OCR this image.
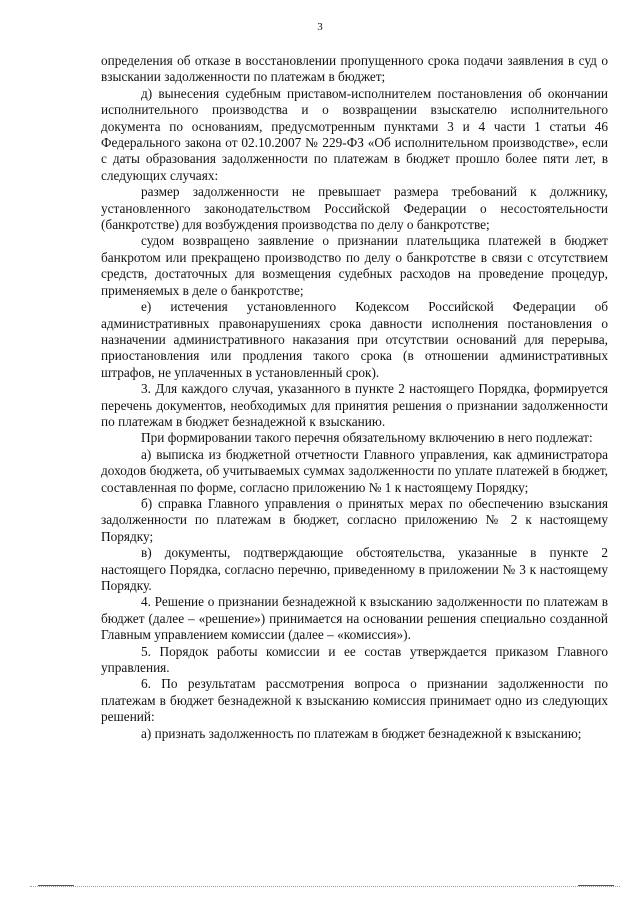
3

определения об отказе в восстановлении пропущенного срока подачи заявления в суд о взыскании задолженности по платежам в бюджет;

д) вынесения судебным приставом-исполнителем постановления об окончании исполнительного производства и о возвращении взыскателю исполнительного документа по основаниям, предусмотренным пунктами 3 и 4 части 1 статьи 46 Федерального закона от 02.10.2007 № 229-ФЗ «Об исполнительном производстве», если с даты образования задолженности по платежам в бюджет прошло более пяти лет, в следующих случаях:

размер задолженности не превышает размера требований к должнику, установленного законодательством Российской Федерации о несостоятельности (банкротстве) для возбуждения производства по делу о банкротстве;

судом возвращено заявление о признании плательщика платежей в бюджет банкротом или прекращено производство по делу о банкротстве в связи с отсутствием средств, достаточных для возмещения судебных расходов на проведение процедур, применяемых в деле о банкротстве;

е) истечения установленного Кодексом Российской Федерации об административных правонарушениях срока давности исполнения постановления о назначении административного наказания при отсутствии оснований для перерыва, приостановления или продления такого срока (в отношении административных штрафов, не уплаченных в установленный срок).

3. Для каждого случая, указанного в пункте 2 настоящего Порядка, формируется перечень документов, необходимых для принятия решения о признании задолженности по платежам в бюджет безнадежной к взысканию.

При формировании такого перечня обязательному включению в него подлежат:

а) выписка из бюджетной отчетности Главного управления, как администратора доходов бюджета, об учитываемых суммах задолженности по уплате платежей в бюджет, составленная по форме, согласно приложению № 1 к настоящему Порядку;

б) справка Главного управления о принятых мерах по обеспечению взыскания задолженности по платежам в бюджет, согласно приложению № 2 к настоящему Порядку;

в) документы, подтверждающие обстоятельства, указанные в пункте 2 настоящего Порядка, согласно перечню, приведенному в приложении № 3 к настоящему Порядку.

4. Решение о признании безнадежной к взысканию задолженности по платежам в бюджет (далее – «решение») принимается на основании решения специально созданной Главным управлением комиссии (далее – «комиссия»).

5. Порядок работы комиссии и ее состав утверждается приказом Главного управления.

6. По результатам рассмотрения вопроса о признании задолженности по платежам в бюджет безнадежной к взысканию комиссия принимает одно из следующих решений:

а) признать задолженность по платежам в бюджет безнадежной к взысканию;
